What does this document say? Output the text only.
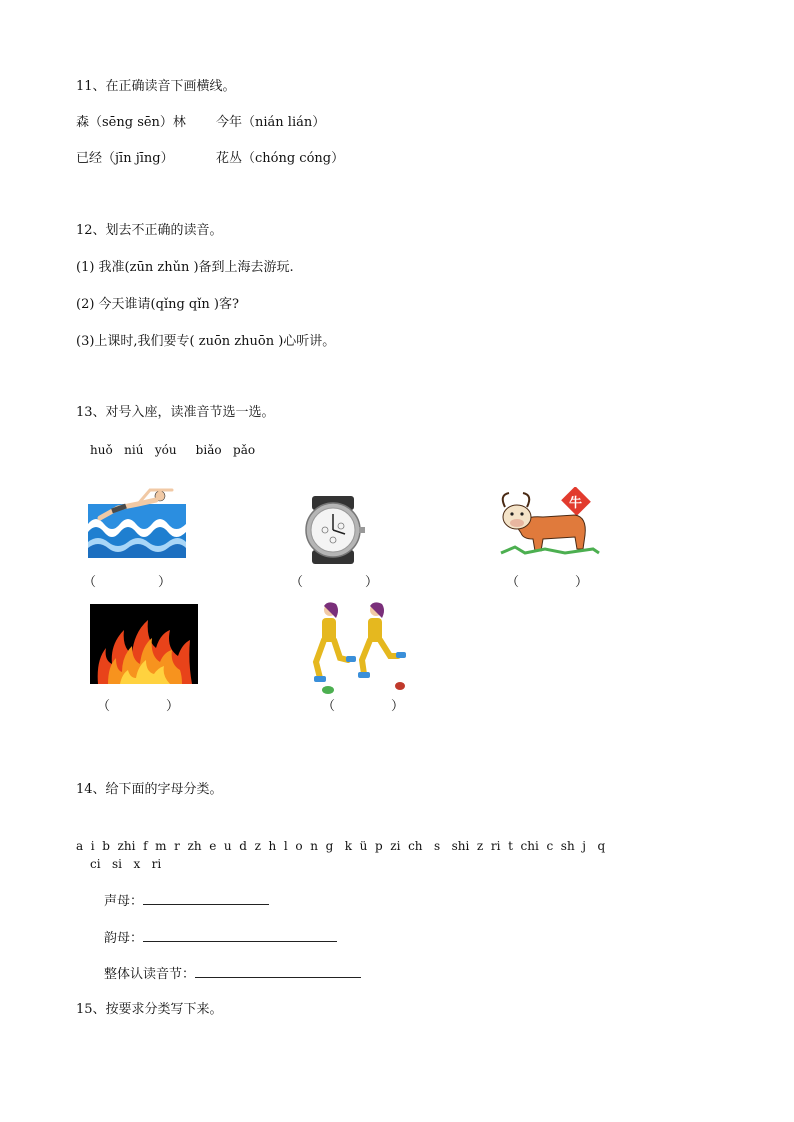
11、在正确读音下画横线。
森（sēng sēn）林 今年（nián lián）
已经（jīn jīng）	花丛（chóng cóng）
12、划去不正确的读音。
(1) 我准(zūn zhǔn )备到上海去游玩.
(2) 今天谁请(qǐng qǐn )客?
(3)上课时,我们要专( zuōn zhuōn )心听讲。
13、对号入座，读准音节选一选。
huǒ   niú   yóu     biǎo   pǎo
（	）	（	）
牛
（	）
（	）	（	）
14、给下面的字母分类。
a  i  b  zhi  f  m  r  zh  e  u  d  z  h  l  o  n  g   k  ü  p  zi  ch   s   shi  z  ri  t  chi  c  sh  j   q
ci   si   x   ri
声母：
韵母：
整体认读音节：
15、按要求分类写下来。
